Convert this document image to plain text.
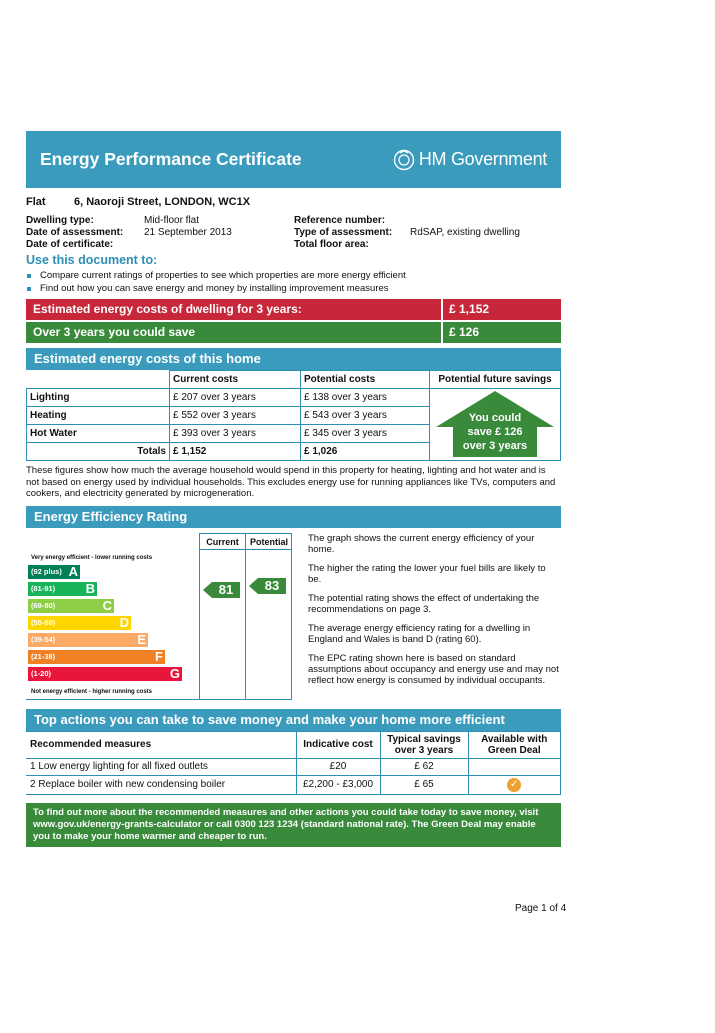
Energy Performance Certificate	HM Government
Flat	6, Naoroji Street, LONDON, WC1X
Dwelling type:	Mid-floor flat	Reference number:
Date of assessment:	21 September 2013	Type of assessment:	RdSAP, existing dwelling
Date of certificate:	Total floor area:
Use this document to:
Compare current ratings of properties to see which properties are more energy efficient
Find out how you can save energy and money by installing improvement measures
Estimated energy costs of dwelling for 3 years:	£ 1,152
Over 3 years you could save	£ 126
Estimated energy costs of this home
	Current costs	Potential costs	Potential future savings
Lighting	£ 207 over 3 years	£ 138 over 3 years	You could
save £ 126
over 3 years

Heating	£ 552 over 3 years	£ 543 over 3 years	
Hot Water	£ 393 over 3 years	£ 345 over 3 years	
Totals	£ 1,152	£ 1,026	

These figures show how much the average household would spend in this property for heating, lighting and hot water and is not based on energy used by individual households. This excludes energy use for running appliances like TVs, computers and cookers, and electricity generated by microgeneration.

Energy Efficiency Rating
Current	Potential
Very energy efficient - lower running costs
Not energy efficient - higher running costs
81	83
(92 plus) A
(81-91) B
(69-80)	C
(55-68)	D
(39-54)	E
(21-38)	F
(1-20)	G

The graph shows the current energy efficiency of your home.

The higher the rating the lower your fuel bills are likely to be.

The potential rating shows the effect of undertaking the recommendations on page 3.

The average energy efficiency rating for a dwelling in England and Wales is band D (rating 60).

The EPC rating shown here is based on standard assumptions about occupancy and energy use and may not reflect how energy is consumed by individual occupants.

Top actions you can take to save money and make your home more efficient
Recommended measures	Indicative cost	Typical savings over 3 years	Available with Green Deal
1 Low energy lighting for all fixed outlets	£20	£ 62	
2 Replace boiler with new condensing boiler	£2,200 - £3,000	£ 65	✓
To find out more about the recommended measures and other actions you could take today to save money, visit www.gov.uk/energy-grants-calculator or call 0300 123 1234 (standard national rate). The Green Deal may enable you to make your home warmer and cheaper to run.
Page 1 of 4
